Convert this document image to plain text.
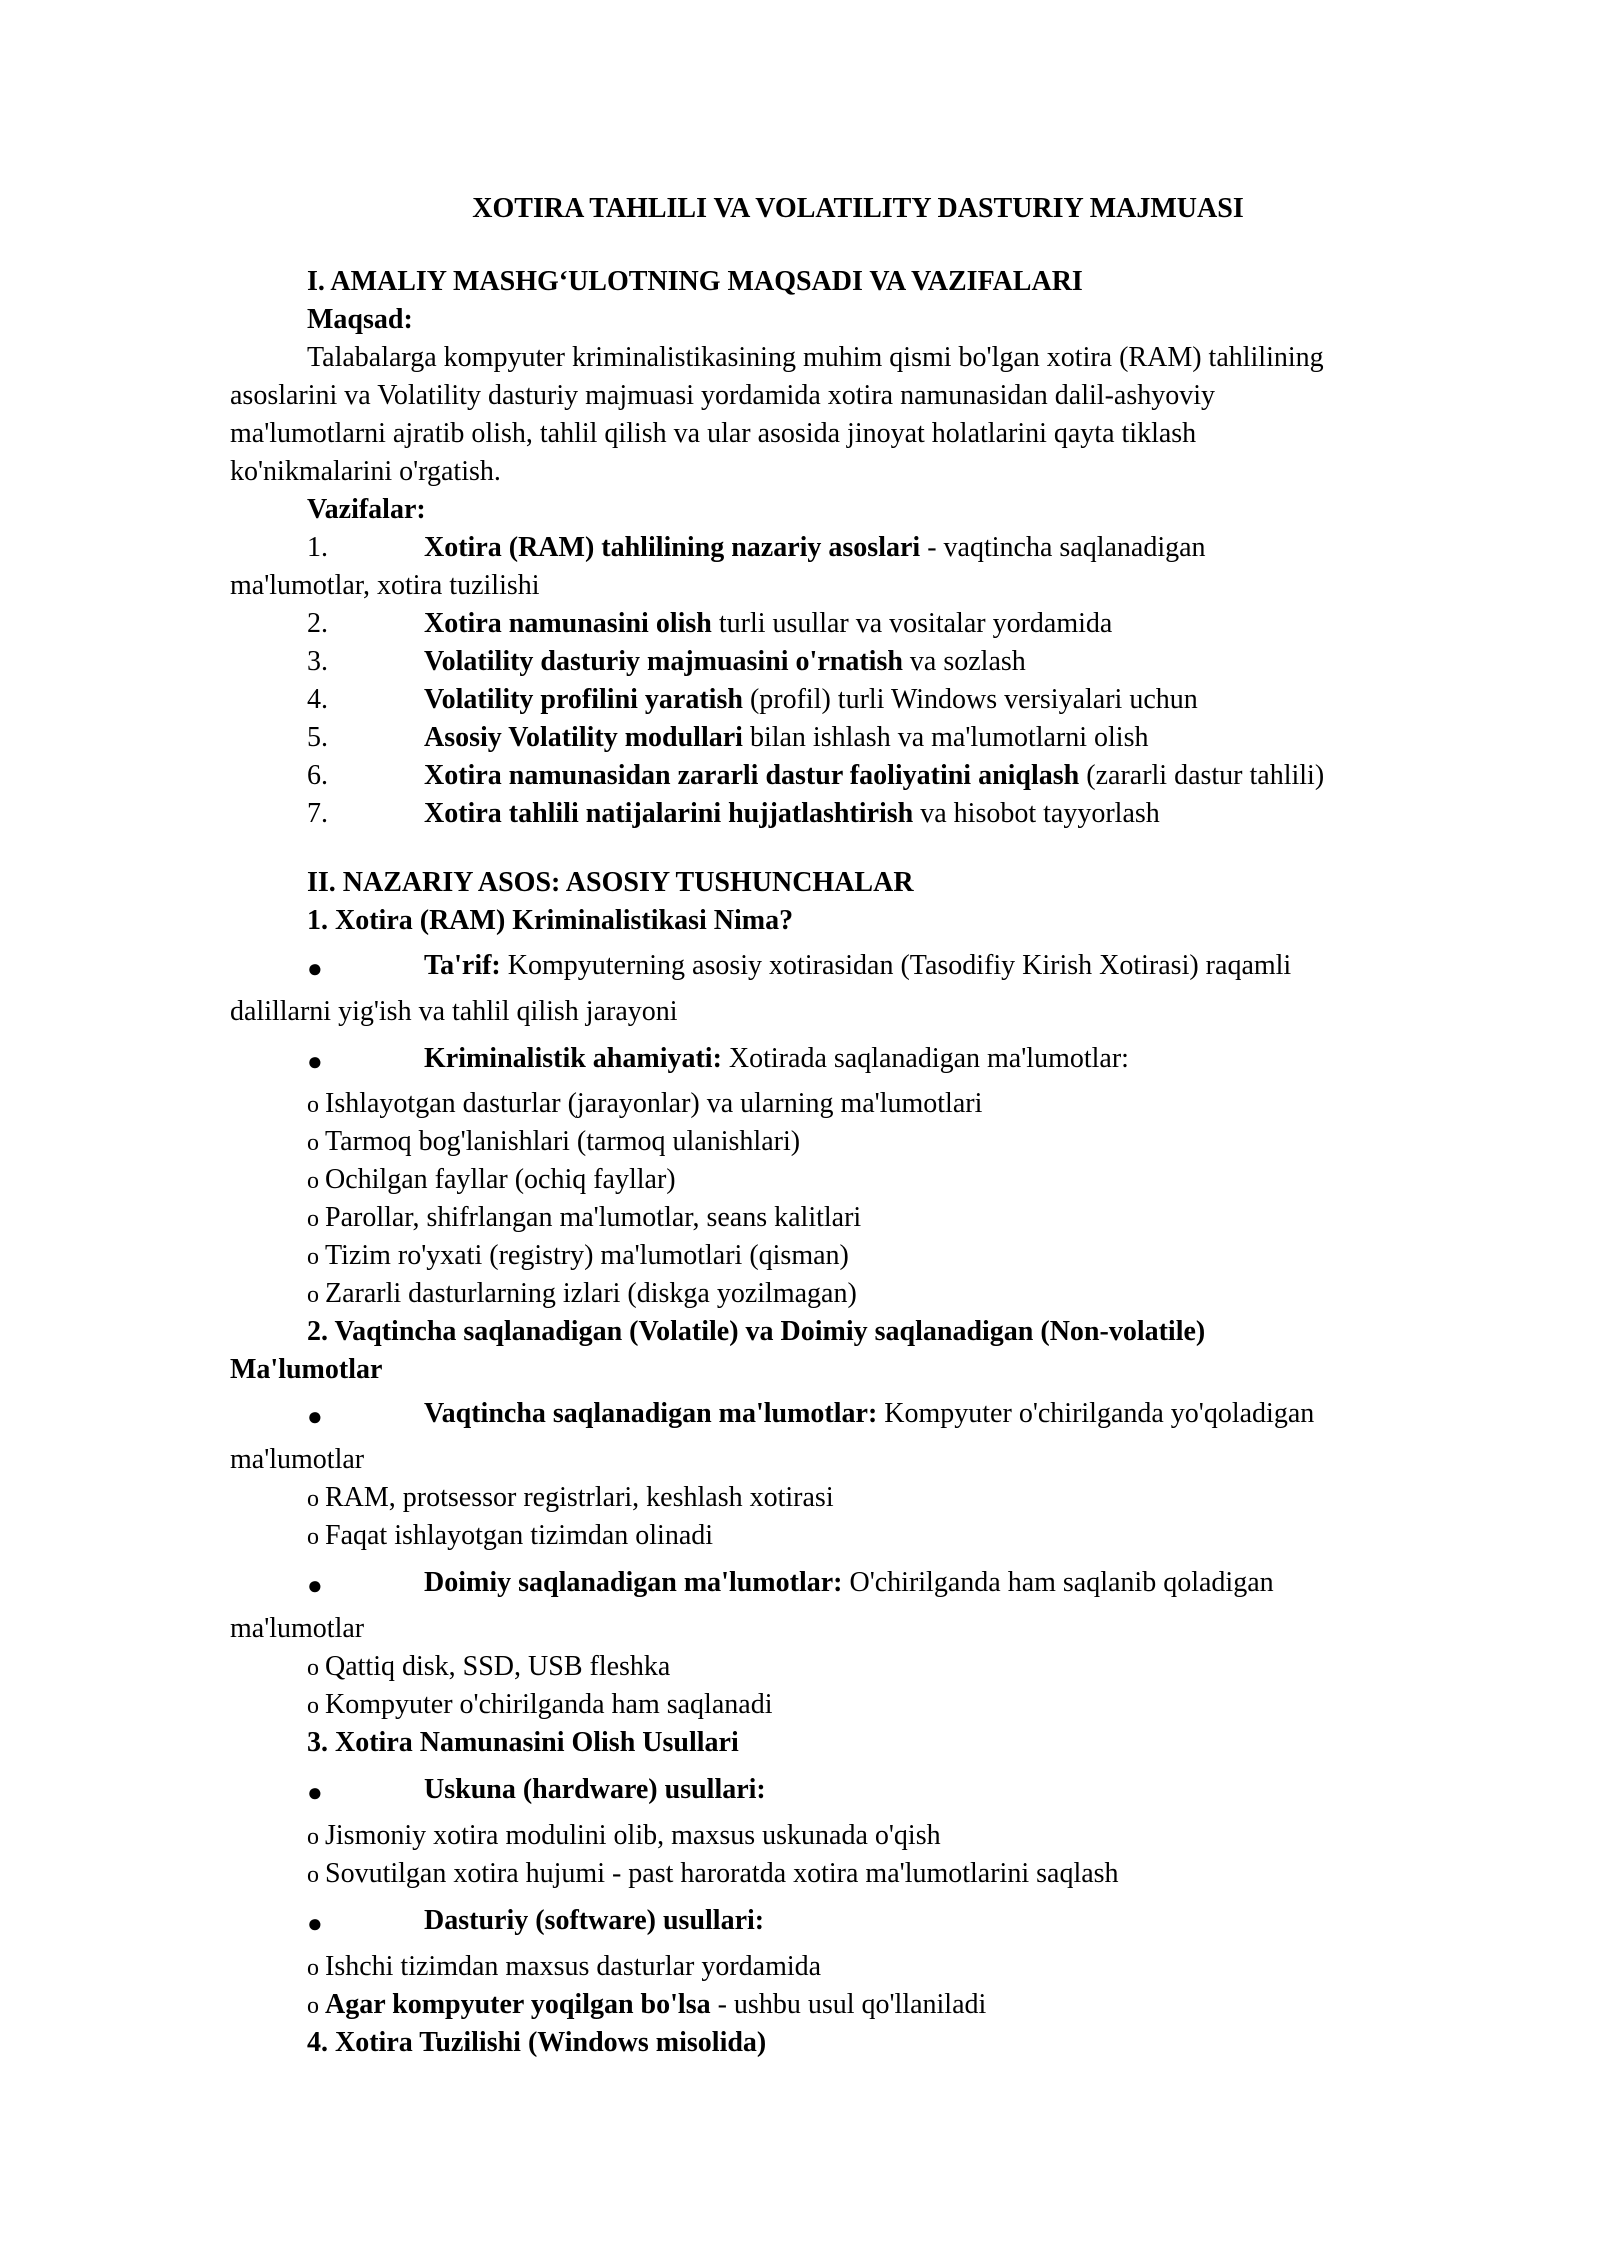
XOTIRA TAHLILI VA VOLATILITY DASTURIY MAJMUASI
I. AMALIY MASHG‘ULOTNING MAQSADI VA VAZIFALARI
Maqsad:
Talabalarga kompyuter kriminalistikasining muhim qismi bo'lgan xotira (RAM) tahlilining
asoslarini va Volatility dasturiy majmuasi yordamida xotira namunasidan dalil-ashyoviy
ma'lumotlarni ajratib olish, tahlil qilish va ular asosida jinoyat holatlarini qayta tiklash
ko'nikmalarini o'rgatish.
Vazifalar:
1.	Xotira (RAM) tahlilining nazariy asoslari - vaqtincha saqlanadigan
ma'lumotlar, xotira tuzilishi
2.	Xotira namunasini olish turli usullar va vositalar yordamida
3.	Volatility dasturiy majmuasini o'rnatish va sozlash
4.	Volatility profilini yaratish (profil) turli Windows versiyalari uchun
5.	Asosiy Volatility modullari bilan ishlash va ma'lumotlarni olish
6.	Xotira namunasidan zararli dastur faoliyatini aniqlash (zararli dastur tahlili)
7.	Xotira tahlili natijalarini hujjatlashtirish va hisobot tayyorlash
II. NAZARIY ASOS: ASOSIY TUSHUNCHALAR
1. Xotira (RAM) Kriminalistikasi Nima?
●	Ta'rif: Kompyuterning asosiy xotirasidan (Tasodifiy Kirish Xotirasi) raqamli
dalillarni yig'ish va tahlil qilish jarayoni
●	Kriminalistik ahamiyati: Xotirada saqlanadigan ma'lumotlar:
o Ishlayotgan dasturlar (jarayonlar) va ularning ma'lumotlari
o Tarmoq bog'lanishlari (tarmoq ulanishlari)
o Ochilgan fayllar (ochiq fayllar)
o Parollar, shifrlangan ma'lumotlar, seans kalitlari
o Tizim ro'yxati (registry) ma'lumotlari (qisman)
o Zararli dasturlarning izlari (diskga yozilmagan)
2. Vaqtincha saqlanadigan (Volatile) va Doimiy saqlanadigan (Non-volatile)
Ma'lumotlar
●	Vaqtincha saqlanadigan ma'lumotlar: Kompyuter o'chirilganda yo'qoladigan
ma'lumotlar
o RAM, protsessor registrlari, keshlash xotirasi
o Faqat ishlayotgan tizimdan olinadi
●	Doimiy saqlanadigan ma'lumotlar: O'chirilganda ham saqlanib qoladigan
ma'lumotlar
o Qattiq disk, SSD, USB fleshka
o Kompyuter o'chirilganda ham saqlanadi
3. Xotira Namunasini Olish Usullari
●	Uskuna (hardware) usullari:
o Jismoniy xotira modulini olib, maxsus uskunada o'qish
o Sovutilgan xotira hujumi - past haroratda xotira ma'lumotlarini saqlash
●	Dasturiy (software) usullari:
o Ishchi tizimdan maxsus dasturlar yordamida
o Agar kompyuter yoqilgan bo'lsa - ushbu usul qo'llaniladi
4. Xotira Tuzilishi (Windows misolida)
